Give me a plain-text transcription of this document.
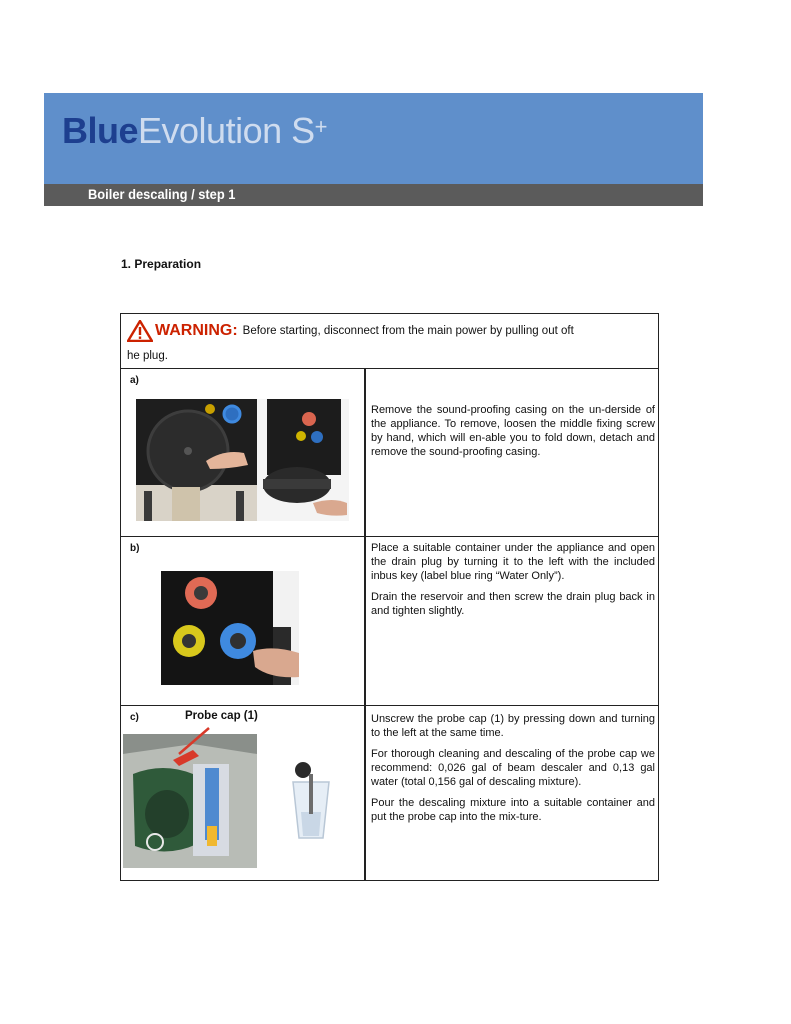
BlueEvolution S+
Boiler descaling / step 1
1. Preparation
WARNING: Before starting, disconnect from the main power by pulling out oft
he plug.
a)

Remove the sound-proofing casing on the un-derside of the appliance. To remove, loosen the middle fixing screw by hand, which will en-able you to fold down, detach and remove the sound-proofing casing.

b)	Place a suitable container under the appliance and open the drain plug by turning it to the left with the included inbus key (label blue ring “Water Only”).

Drain the reservoir and then screw the drain plug back in and tighten slightly.

c)	Probe cap (1)	Unscrew the probe cap (1) by pressing down and turning to the left at the same time.

For thorough cleaning and descaling of the probe cap we recommend: 0,026 gal of beam descaler and 0,13 gal water (total 0,156 gal of descaling mixture).

Pour the descaling mixture into a suitable container and put the probe cap into the mix-ture.
